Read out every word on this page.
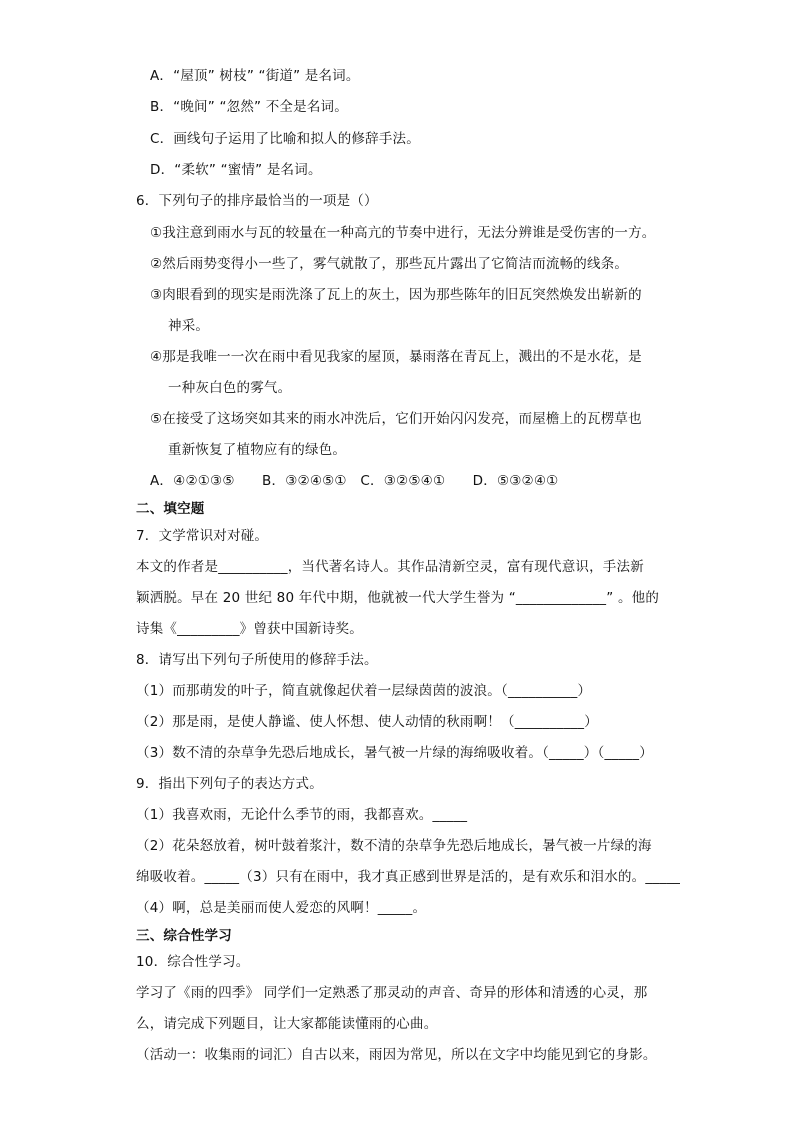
A．“屋顶” 树枝” “街道” 是名词。
B．“晚间” “忽然” 不全是名词。
C．画线句子运用了比喻和拟人的修辞手法。
D．“柔软” “蜜情” 是名词。
6．下列句子的排序最恰当的一项是（）
①我注意到雨水与瓦的较量在一种高亢的节奏中进行，无法分辨谁是受伤害的一方。
②然后雨势变得小一些了，雾气就散了，那些瓦片露出了它简洁而流畅的线条。
③肉眼看到的现实是雨洗涤了瓦上的灰土，因为那些陈年的旧瓦突然焕发出崭新的
神采。
④那是我唯一一次在雨中看见我家的屋顶，暴雨落在青瓦上，溅出的不是水花，是
一种灰白色的雾气。
⑤在接受了这场突如其来的雨水冲洗后，它们开始闪闪发亮，而屋檐上的瓦楞草也
重新恢复了植物应有的绿色。
A．④②①③⑤　　B．③②④⑤①　C．③②⑤④①　　D．⑤③②④①
二、填空题
7．文学常识对对碰。
本文的作者是__________，当代著名诗人。其作品清新空灵，富有现代意识，手法新
颖洒脱。早在 20 世纪 80 年代中期，他就被一代大学生誉为 “_____________” 。他的
诗集《_________》曾获中国新诗奖。
8．请写出下列句子所使用的修辞手法。
（1）而那萌发的叶子，简直就像起伏着一层绿茵茵的波浪。（__________）
（2）那是雨，是使人静谧、使人怀想、使人动情的秋雨啊！（__________）
（3）数不清的杂草争先恐后地成长，暑气被一片绿的海绵吸收着。（_____）（_____）
9．指出下列句子的表达方式。
（1）我喜欢雨，无论什么季节的雨，我都喜欢。_____
（2）花朵怒放着，树叶鼓着浆汁，数不清的杂草争先恐后地成长，暑气被一片绿的海
绵吸收着。_____（3）只有在雨中，我才真正感到世界是活的，是有欢乐和泪水的。_____
（4）啊，总是美丽而使人爱恋的风啊！_____。
三、综合性学习
10．综合性学习。
学习了《雨的四季》 同学们一定熟悉了那灵动的声音、奇异的形体和清透的心灵，那
么，请完成下列题目，让大家都能读懂雨的心曲。
（活动一：收集雨的词汇）自古以来，雨因为常见，所以在文字中均能见到它的身影。
